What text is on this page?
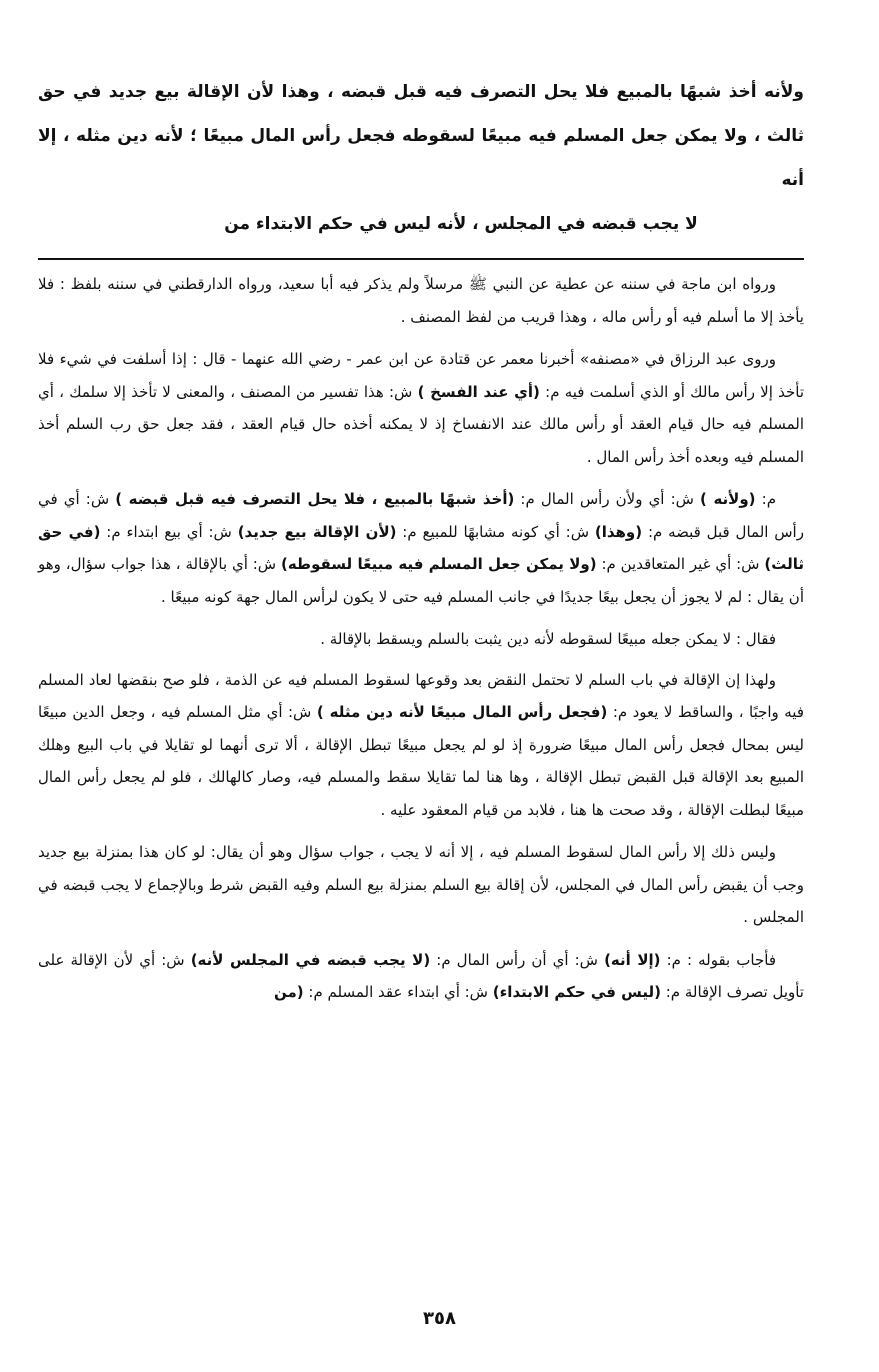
ولأنه أخذ شبهًا بالمبيع فلا يحل التصرف فيه قبل قبضه ، وهذا لأن الإقالة بيع جديد في حق ثالث ، ولا يمكن جعل المسلم فيه مبيعًا لسقوطه فجعل رأس المال مبيعًا ؛ لأنه دين مثله ، إلا أنه
لا يجب قبضه في المجلس ، لأنه ليس في حكم الابتداء من

ورواه ابن ماجة في سننه عن عطية عن النبي ﷺ مرسلاً ولم يذكر فيه أبا سعيد، ورواه الدارقطني في سننه بلفظ : فلا يأخذ إلا ما أسلم فيه أو رأس ماله ، وهذا قريب من لفظ المصنف .

وروى عبد الرزاق في «مصنفه» أخبرنا معمر عن قتادة عن ابن عمر - رضي الله عنهما - قال : إذا أسلفت في شيء فلا تأخذ إلا رأس مالك أو الذي أسلمت فيه م: (أي عند الفسخ ) ش: هذا تفسير من المصنف ، والمعنى لا تأخذ إلا سلمك ، أي المسلم فيه حال قيام العقد أو رأس مالك عند الانفساخ إذ لا يمكنه أخذه حال قيام العقد ، فقد جعل حق رب السلم أخذ المسلم فيه وبعده أخذ رأس المال .

م: (ولأنه ) ش: أي ولأن رأس المال م: (أخذ شبهًا بالمبيع ، فلا يحل التصرف فيه قبل قبضه ) ش: أي في رأس المال قبل قبضه م: (وهذا) ش: أي كونه مشابهًا للمبيع م: (لأن الإقالة بيع جديد) ش: أي بيع ابتداء م: (في حق ثالث) ش: أي غير المتعاقدين م: (ولا يمكن جعل المسلم فيه مبيعًا لسقوطه) ش: أي بالإقالة ، هذا جواب سؤال، وهو أن يقال : لم لا يجوز أن يجعل بيعًا جديدًا في جانب المسلم فيه حتى لا يكون لرأس المال جهة كونه مبيعًا .

فقال : لا يمكن جعله مبيعًا لسقوطه لأنه دين يثبت بالسلم ويسقط بالإقالة .

ولهذا إن الإقالة في باب السلم لا تحتمل النقض بعد وقوعها لسقوط المسلم فيه عن الذمة ، فلو صح بنقضها لعاد المسلم فيه واجبًا ، والساقط لا يعود م: (فجعل رأس المال مبيعًا لأنه دين مثله ) ش: أي مثل المسلم فيه ، وجعل الدين مبيعًا ليس بمحال فجعل رأس المال مبيعًا ضرورة إذ لو لم يجعل مبيعًا تبطل الإقالة ، ألا ترى أنهما لو تقايلا في باب البيع وهلك المبيع بعد الإقالة قبل القبض تبطل الإقالة ، وها هنا لما تقايلا سقط والمسلم فيه، وصار كالهالك ، فلو لم يجعل رأس المال مبيعًا لبطلت الإقالة ، وقد صحت ها هنا ، فلابد من قيام المعقود عليه .

وليس ذلك إلا رأس المال لسقوط المسلم فيه ، إلا أنه لا يجب ، جواب سؤال وهو أن يقال: لو كان هذا بمنزلة بيع جديد وجب أن يقبض رأس المال في المجلس، لأن إقالة بيع السلم بمنزلة بيع السلم وفيه القبض شرط وبالإجماع لا يجب قبضه في المجلس .

فأجاب بقوله : م: (إلا أنه) ش: أي أن رأس المال م: (لا يجب قبضه في المجلس لأنه) ش: أي لأن الإقالة على تأويل تصرف الإقالة م: (ليس في حكم الابتداء) ش: أي ابتداء عقد المسلم م: (من

٣٥٨
